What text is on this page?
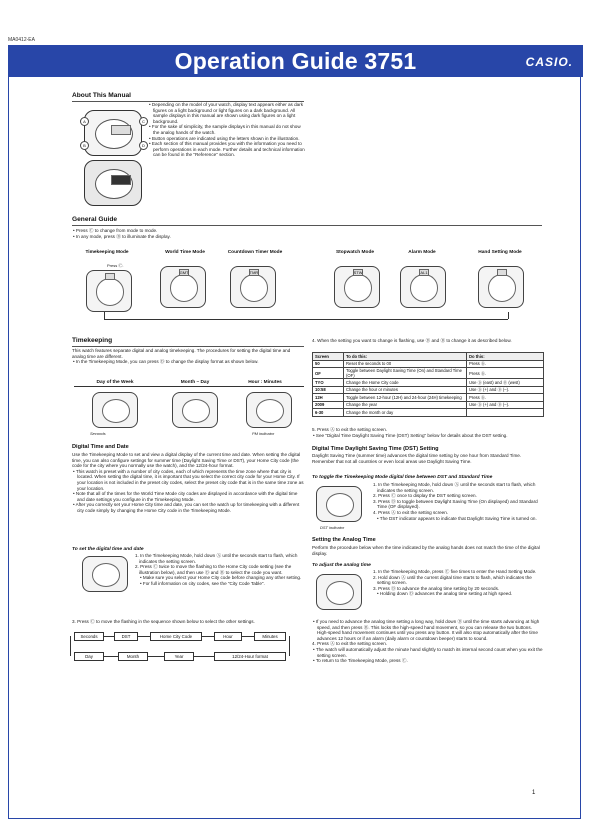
MA0412-EA
Operation Guide 3751	CASIO.
About This Manual
A
B
C
D
• Depending on the model of your watch, display text appears either as dark figures on a light background or light figures on a dark background. All sample displays in this manual are shown using dark figures on a light background.
• For the sake of simplicity, the sample displays in this manual do not show the analog hands of the watch.
• Button operations are indicated using the letters shown in the illustration.
• Each section of this manual provides you with the information you need to perform operations in each mode. Further details and technical information can be found in the "Reference" section.
General Guide
• Press Ⓒ to change from mode to mode.
• In any mode, press Ⓑ to illuminate the display.
Timekeeping Mode	World Time Mode	Countdown Timer Mode	Stopwatch Mode	Alarm Mode	Hand Setting Mode
Press Ⓒ.
GMT	TMR	STW	AL1
Timekeeping
This watch features separate digital and analog timekeeping. The procedures for setting the digital time and analog time are different.
• In the Timekeeping Mode, you can press Ⓓ to change the display format as shown below.
Day of the Week	Month – Day	Hour : Minutes
Seconds	PM indicator
Digital Time and Date
Use the Timekeeping Mode to set and view a digital display of the current time and date. When setting the digital time, you can also configure settings for summer time (Daylight Saving Time or DST), your Home City code (the code for the city where you normally use the watch), and the 12/24-hour format.
• This watch is preset with a number of city codes, each of which represents the time zone where that city is located. When setting the digital time, it is important that you select the correct city code for your Home City. If your location is not included in the preset city codes, select the preset city code that is in the same time zone as your location.
• Note that all of the times for the World Time Mode city codes are displayed in accordance with the digital time and date settings you configure in the Timekeeping Mode.
• After you correctly set your Home City time and date, you can set the watch up for timekeeping with a different city code simply by changing the Home City code in the Timekeeping Mode.
To set the digital time and date
1. In the Timekeeping Mode, hold down Ⓐ until the seconds start to flash, which indicates the setting screen.
2. Press Ⓒ twice to move the flashing to the Home City code setting (see the illustration below), and then use Ⓓ and Ⓑ to select the code you want.
• Make sure you select your Home City code before changing any other setting.
• For full information on city codes, see the "City Code Table".
3. Press Ⓒ to move the flashing in the sequence shown below to select the other settings.
Seconds	DST	Home City Code	Hour	Minutes
Day	Month	Year	12/24-Hour format
4. When the setting you want to change is flashing, use Ⓓ and Ⓑ to change it as described below.
Screen	To do this:	Do this:
50	Reset the seconds to 00	Press Ⓓ.
OF	Toggle between Daylight Saving Time (On) and Standard Time (OF)	Press Ⓓ.
TYO	Change the Home City code	Use Ⓓ (east) and Ⓑ (west)
10:58	Change the hour or minutes	Use Ⓓ (+) and Ⓑ (–).
12H	Toggle between 12-hour (12H) and 24-hour (24H) timekeeping	Press Ⓓ.
2009	Change the year	Use Ⓓ (+) and Ⓑ (–).
6-30	Change the month or day	
5. Press Ⓐ to exit the setting screen.
• See "Digital Time Daylight Saving Time (DST) Setting" below for details about the DST setting.
Digital Time Daylight Saving Time (DST) Setting
Daylight Saving Time (summer time) advances the digital time setting by one hour from Standard Time. Remember that not all countries or even local areas use Daylight Saving Time.
To toggle the Timekeeping Mode digital time between DST and Standard Time
DST indicator
1. In the Timekeeping Mode, hold down Ⓐ until the seconds start to flash, which indicates the setting screen.
2. Press Ⓒ once to display the DST setting screen.
3. Press Ⓓ to toggle between Daylight Saving Time (On displayed) and Standard Time (OF displayed).
4. Press Ⓐ to exit the setting screen.
• The DST indicator appears to indicate that Daylight Saving Time is turned on.
Setting the Analog Time
Perform the procedure below when the time indicated by the analog hands does not match the time of the digital display.
To adjust the analog time
1. In the Timekeeping Mode, press Ⓒ five times to enter the Hand Setting Mode.
2. Hold down Ⓐ until the current digital time starts to flash, which indicates the setting screen.
3. Press Ⓓ to advance the analog time setting by 20 seconds.
• Holding down Ⓓ advances the analog time setting at high speed.
• If you need to advance the analog time setting a long way, hold down Ⓓ until the time starts advancing at high speed, and then press Ⓑ. This locks the high-speed hand movement, so you can release the two buttons. High-speed hand movement continues until you press any button. It will also stop automatically after the time advances 12 hours or if an alarm (daily alarm or countdown beeper) starts to sound.
4. Press Ⓐ to exit the setting screen.
• The watch will automatically adjust the minute hand slightly to match its internal second count when you exit the setting screen.
• To return to the Timekeeping Mode, press Ⓒ.
1
